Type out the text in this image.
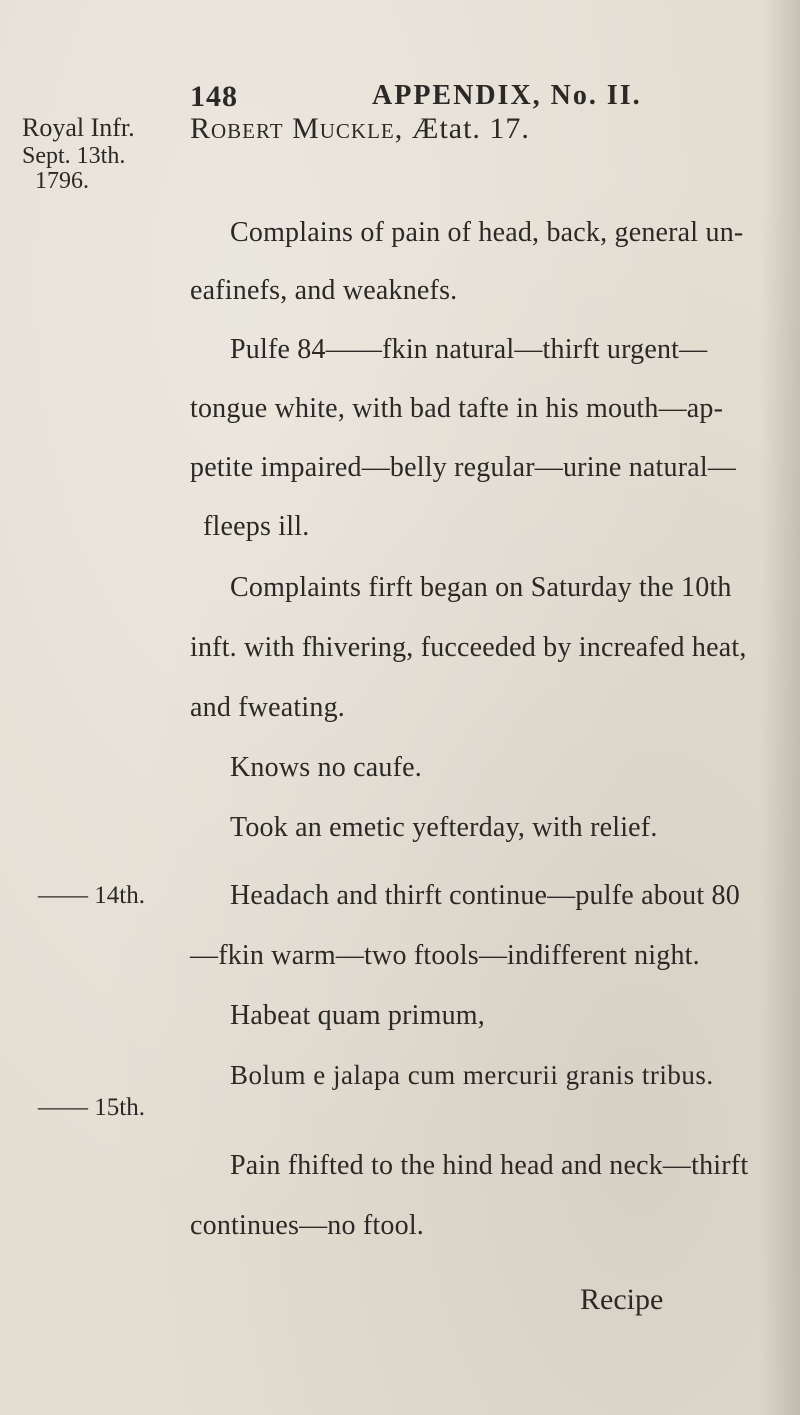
148	APPENDIX, No. II.
Royal Infr.
Sept. 13th.
1796.
Robert Muckle, Ætat. 17.
Complains of pain of head, back, general un-
eafinefs, and weaknefs.
Pulfe 84——fkin natural—thirft urgent—
tongue white, with bad tafte in his mouth—ap-
petite impaired—belly regular—urine natural—
fleeps ill.
Complaints firft began on Saturday the 10th
inft. with fhivering, fucceeded by increafed heat,
and fweating.
Knows no caufe.
Took an emetic yefterday, with relief.
—— 14th.	Headach and thirft continue—pulfe about 80
—fkin warm—two ftools—indifferent night.
Habeat quam primum,
Bolum e jalapa cum mercurii granis tribus.
—— 15th.
Pain fhifted to the hind head and neck—thirft
continues—no ftool.
Recipe
